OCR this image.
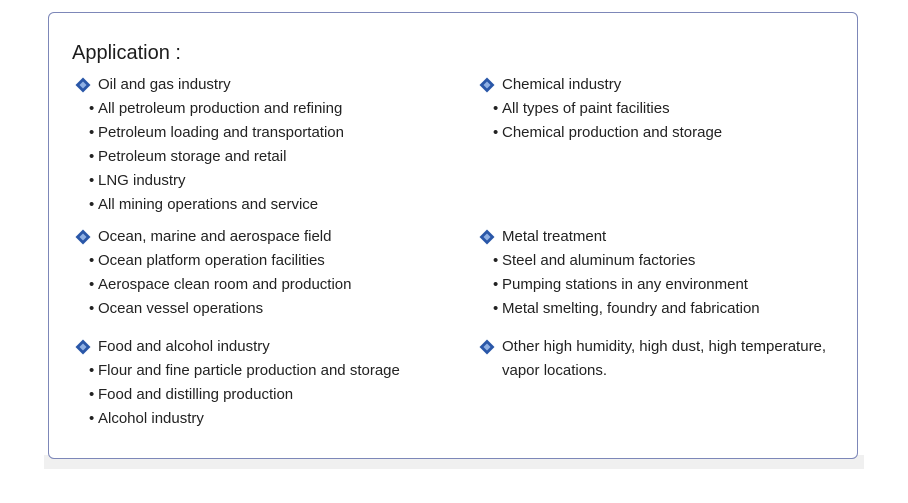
Application :
Oil and gas industry
• All petroleum production and refining
• Petroleum loading and transportation
• Petroleum storage and retail
• LNG industry
• All mining operations and service
Ocean, marine and aerospace field
• Ocean platform operation facilities
• Aerospace clean room and production
• Ocean vessel operations
Food and alcohol industry
• Flour and fine particle production and storage
• Food and distilling production
• Alcohol industry
Chemical industry
• All types of paint facilities
• Chemical production and storage
Metal treatment
• Steel and aluminum factories
• Pumping stations in any environment
• Metal smelting, foundry and fabrication
Other high humidity, high dust, high temperature, vapor locations.
